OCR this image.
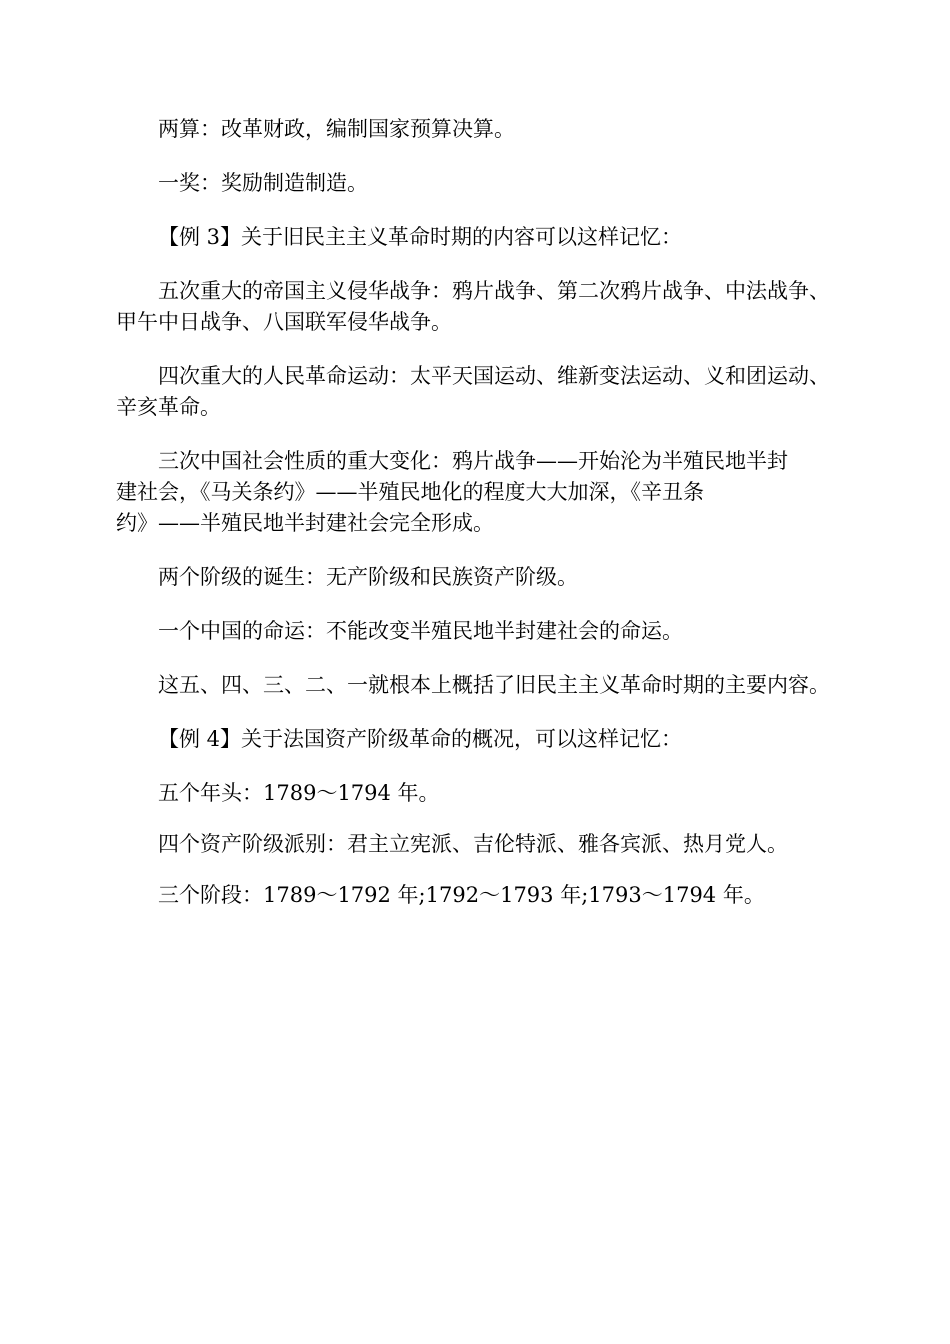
两算：改革财政，编制国家预算决算。

一奖：奖励制造制造。

【例 3】关于旧民主主义革命时期的内容可以这样记忆：

五次重大的帝国主义侵华战争：鸦片战争、第二次鸦片战争、中法战争、甲午中日战争、八国联军侵华战争。

四次重大的人民革命运动：太平天国运动、维新变法运动、义和团运动、辛亥革命。

三次中国社会性质的重大变化：鸦片战争——开始沦为半殖民地半封
建社会，《马关条约》——半殖民地化的程度大大加深，《辛丑条
约》——半殖民地半封建社会完全形成。

两个阶级的诞生：无产阶级和民族资产阶级。

一个中国的命运：不能改变半殖民地半封建社会的命运。

这五、四、三、二、一就根本上概括了旧民主主义革命时期的主要内容。

【例 4】关于法国资产阶级革命的概况，可以这样记忆：

五个年头：1789～1794 年。

四个资产阶级派别：君主立宪派、吉伦特派、雅各宾派、热月党人。

三个阶段：1789～1792 年;1792～1793 年;1793～1794 年。
